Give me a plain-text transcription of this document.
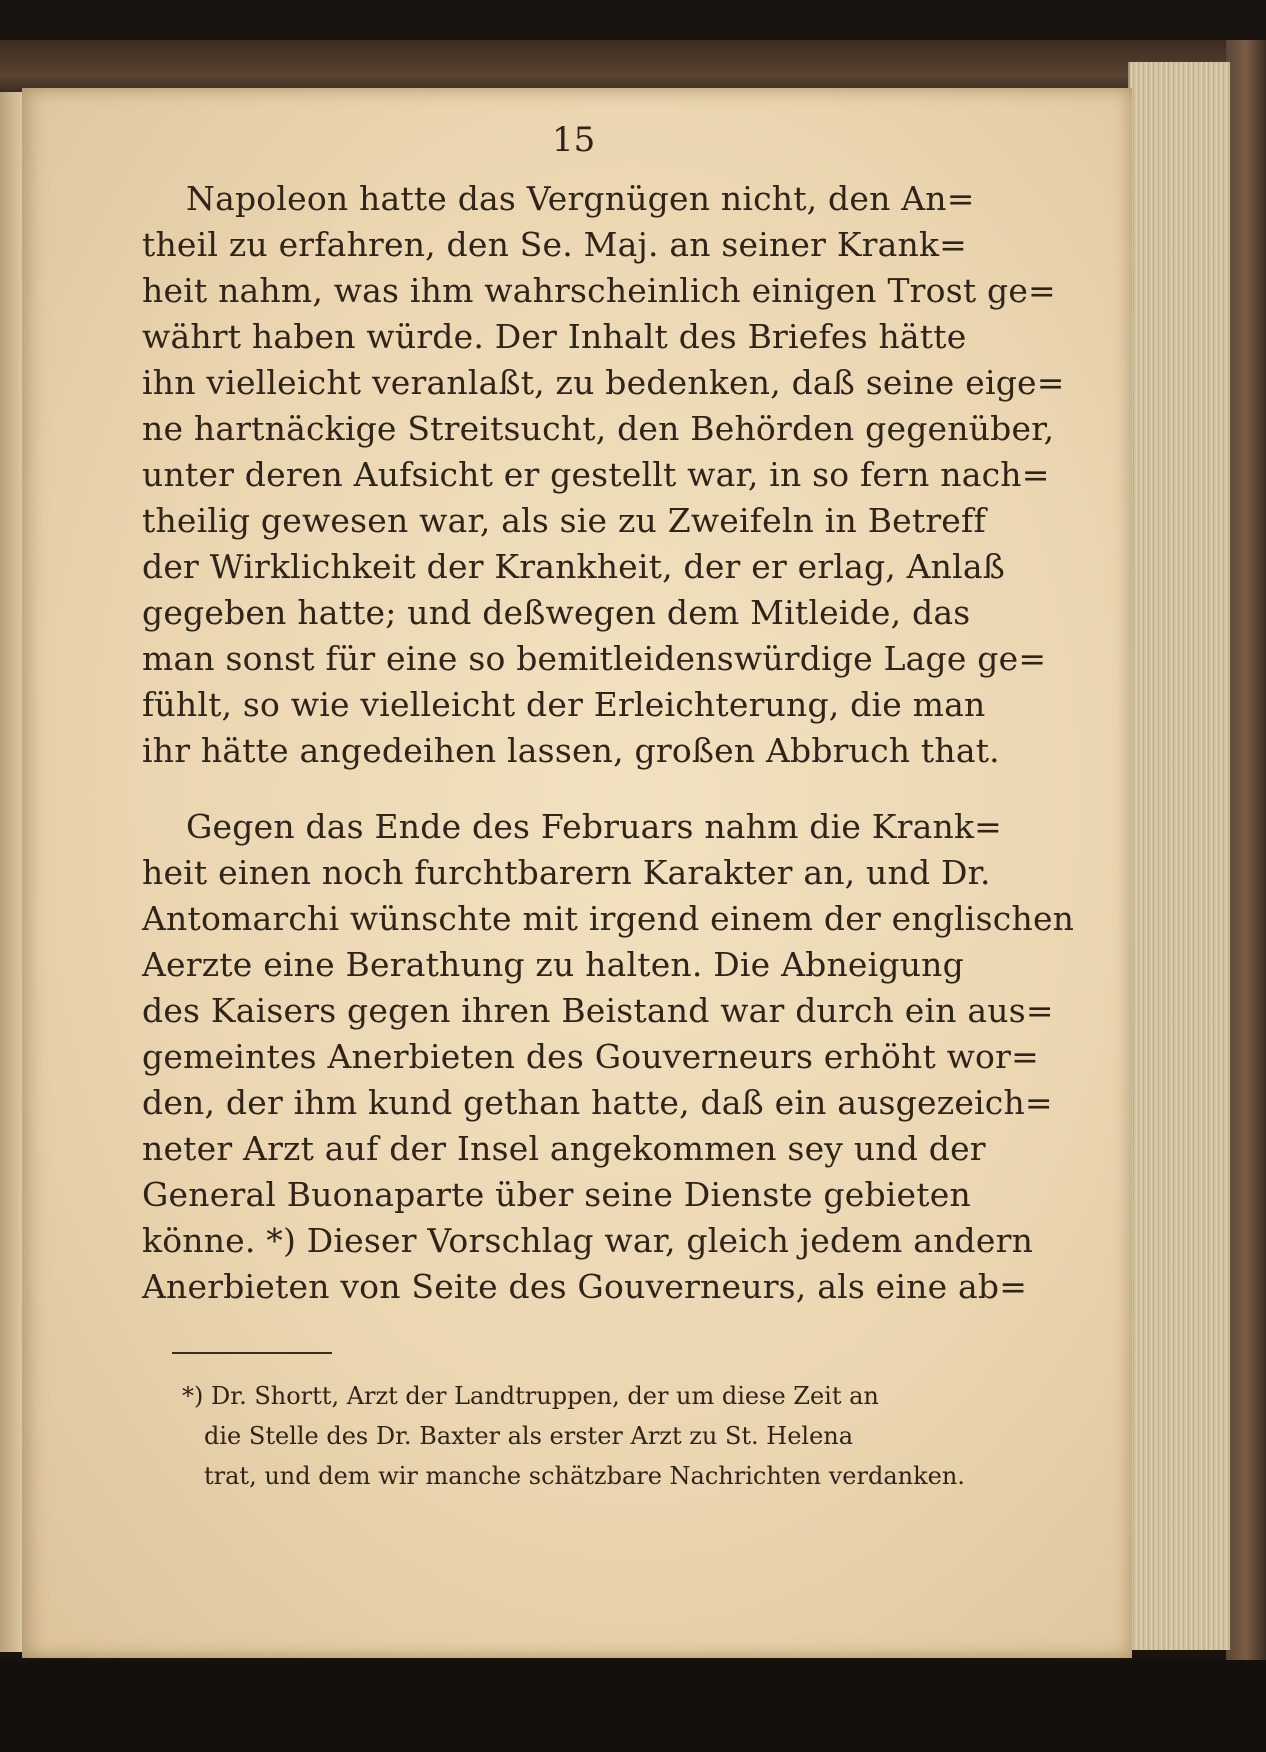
15
Napoleon hatte das Vergnügen nicht, den An=
theil zu erfahren, den Se. Maj. an seiner Krank=
heit nahm, was ihm wahrscheinlich einigen Trost ge=
währt haben würde. Der Inhalt des Briefes hätte
ihn vielleicht veranlaßt, zu bedenken, daß seine eige=
ne hartnäckige Streitsucht, den Behörden gegenüber,
unter deren Aufsicht er gestellt war, in so fern nach=
theilig gewesen war, als sie zu Zweifeln in Betreff
der Wirklichkeit der Krankheit, der er erlag, Anlaß
gegeben hatte; und deßwegen dem Mitleide, das
man sonst für eine so bemitleidenswürdige Lage ge=
fühlt, so wie vielleicht der Erleichterung, die man
ihr hätte angedeihen lassen, großen Abbruch that.
Gegen das Ende des Februars nahm die Krank=
heit einen noch furchtbarern Karakter an, und Dr.
Antomarchi wünschte mit irgend einem der englischen
Aerzte eine Berathung zu halten. Die Abneigung
des Kaisers gegen ihren Beistand war durch ein aus=
gemeintes Anerbieten des Gouverneurs erhöht wor=
den, der ihm kund gethan hatte, daß ein ausgezeich=
neter Arzt auf der Insel angekommen sey und der
General Buonaparte über seine Dienste gebieten
könne. *) Dieser Vorschlag war, gleich jedem andern
Anerbieten von Seite des Gouverneurs, als eine ab=
*) Dr. Shortt, Arzt der Landtruppen, der um diese Zeit an
die Stelle des Dr. Baxter als erster Arzt zu St. Helena
trat, und dem wir manche schätzbare Nachrichten verdanken.
